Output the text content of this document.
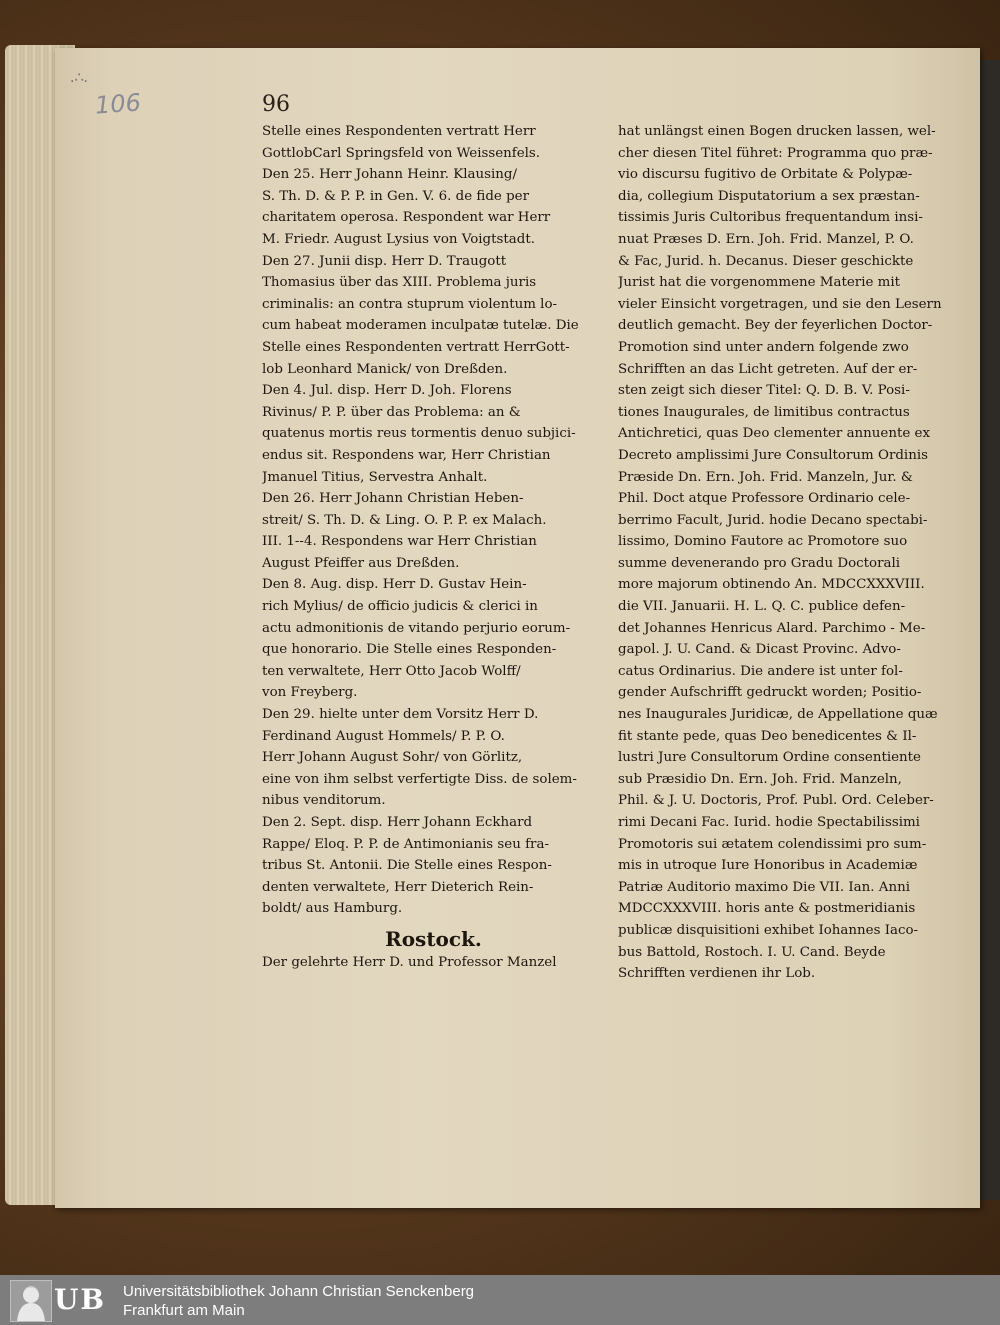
.∴.
106	96
Stelle eines Respondenten vertratt Herr
GottlobCarl Springsfeld von Weissenfels.
Den 25. Herr Johann Heinr. Klausing/
S. Th. D. & P. P. in Gen. V. 6. de fide per
charitatem operosa. Respondent war Herr
M. Friedr. August Lysius von Voigtstadt.
Den 27. Junii disp. Herr D. Traugott
Thomasius über das XIII. Problema juris
criminalis: an contra stuprum violentum lo-
cum habeat moderamen inculpatæ tutelæ. Die
Stelle eines Respondenten vertratt HerrGott-
lob Leonhard Manick/ von Dreßden.
Den 4. Jul. disp. Herr D. Joh. Florens
Rivinus/ P. P. über das Problema: an &
quatenus mortis reus tormentis denuo subjici-
endus sit. Respondens war, Herr Christian
Jmanuel Titius, Servestra Anhalt.
Den 26. Herr Johann Christian Heben-
streit/ S. Th. D. & Ling. O. P. P. ex Malach.
III. 1--4. Respondens war Herr Christian
August Pfeiffer aus Dreßden.
Den 8. Aug. disp. Herr D. Gustav Hein-
rich Mylius/ de officio judicis & clerici in
actu admonitionis de vitando perjurio eorum-
que honorario. Die Stelle eines Responden-
ten verwaltete, Herr Otto Jacob Wolff/
von Freyberg.
Den 29. hielte unter dem Vorsitz Herr D.
Ferdinand August Hommels/ P. P. O.
Herr Johann August Sohr/ von Görlitz,
eine von ihm selbst verfertigte Diss. de solem-
nibus venditorum.
Den 2. Sept. disp. Herr Johann Eckhard
Rappe/ Eloq. P. P. de Antimonianis seu fra-
tribus St. Antonii. Die Stelle eines Respon-
denten verwaltete, Herr Dieterich Rein-
boldt/ aus Hamburg.
Rostock.
Der gelehrte Herr D. und Professor Manzel
hat unlängst einen Bogen drucken lassen, wel-
cher diesen Titel führet: Programma quo præ-
vio discursu fugitivo de Orbitate & Polypæ-
dia, collegium Disputatorium a sex præstan-
tissimis Juris Cultoribus frequentandum insi-
nuat Præses D. Ern. Joh. Frid. Manzel, P. O.
& Fac, Jurid. h. Decanus. Dieser geschickte
Jurist hat die vorgenommene Materie mit
vieler Einsicht vorgetragen, und sie den Lesern
deutlich gemacht. Bey der feyerlichen Doctor-
Promotion sind unter andern folgende zwo
Schrifften an das Licht getreten. Auf der er-
sten zeigt sich dieser Titel: Q. D. B. V. Posi-
tiones Inaugurales, de limitibus contractus
Antichretici, quas Deo clementer annuente ex
Decreto amplissimi Jure Consultorum Ordinis
Præside Dn. Ern. Joh. Frid. Manzeln, Jur. &
Phil. Doct atque Professore Ordinario cele-
berrimo Facult, Jurid. hodie Decano spectabi-
lissimo, Domino Fautore ac Promotore suo
summe devenerando pro Gradu Doctorali
more majorum obtinendo An. MDCCXXXVIII.
die VII. Januarii. H. L. Q. C. publice defen-
det Johannes Henricus Alard. Parchimo - Me-
gapol. J. U. Cand. & Dicast Provinc. Advo-
catus Ordinarius. Die andere ist unter fol-
gender Aufschrifft gedruckt worden; Positio-
nes Inaugurales Juridicæ, de Appellatione quæ
fit stante pede, quas Deo benedicentes & Il-
lustri Jure Consultorum Ordine consentiente
sub Præsidio Dn. Ern. Joh. Frid. Manzeln,
Phil. & J. U. Doctoris, Prof. Publ. Ord. Celeber-
rimi Decani Fac. Iurid. hodie Spectabilissimi
Promotoris sui ætatem colendissimi pro sum-
mis in utroque Iure Honoribus in Academiæ
Patriæ Auditorio maximo Die VII. Ian. Anni
MDCCXXXVIII. horis ante & postmeridianis
publicæ disquisitioni exhibet Iohannes Iaco-
bus Battold, Rostoch. I. U. Cand. Beyde
Schrifften verdienen ihr Lob.
UB Universitätsbibliothek Johann Christian Senckenberg
Frankfurt am Main
